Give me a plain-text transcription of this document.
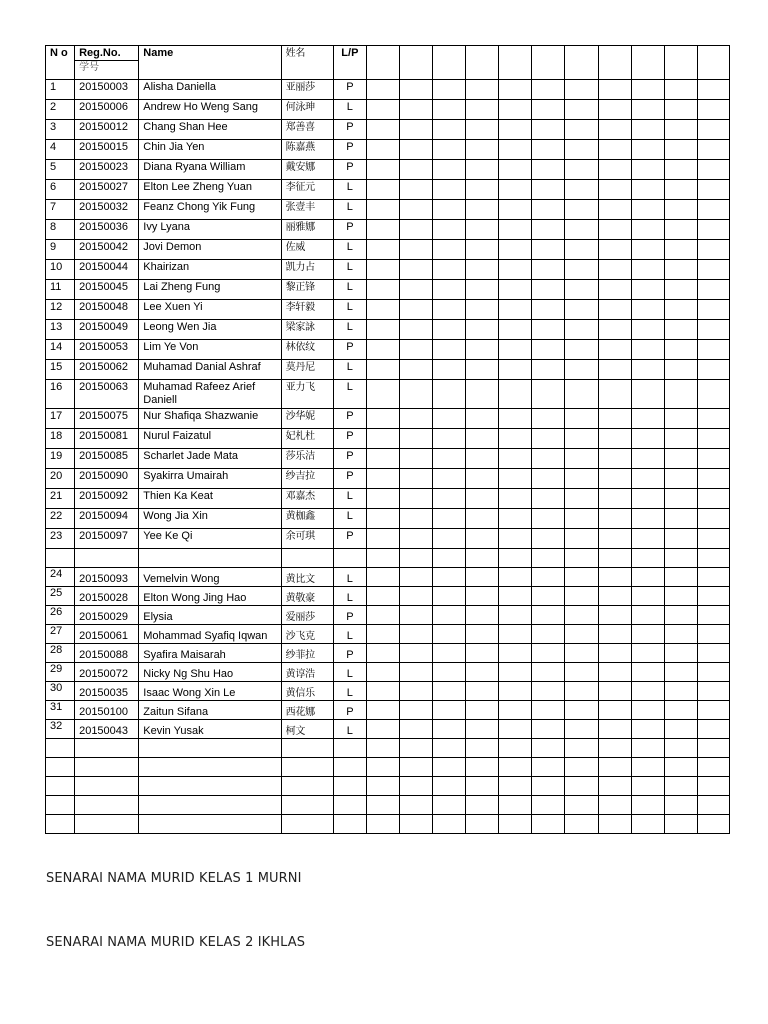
N o	Reg.No.	Name	姓名	L/P											
	学号														
1	20150003	Alisha Daniella	亚丽莎	P											
2	20150006	Andrew Ho Weng Sang	何泳珅	L											
3	20150012	Chang Shan Hee	郑善喜	P											
4	20150015	Chin Jia Yen	陈嘉燕	P											
5	20150023	Diana Ryana William	戴安娜	P											
6	20150027	Elton Lee Zheng Yuan	李征元	L											
7	20150032	Feanz Chong Yik Fung	张壹丰	L											
8	20150036	Ivy Lyana	丽雅娜	P											
9	20150042	Jovi Demon	佐威	L											
10	20150044	Khairizan	凯力占	L											
11	20150045	Lai Zheng Fung	黎正锋	L											
12	20150048	Lee Xuen Yi	李轩毅	L											
13	20150049	Leong Wen Jia	梁家詠	L											
14	20150053	Lim Ye Von	林依纹	P											
15	20150062	Muhamad Danial Ashraf	莫丹尼	L											
16	20150063	Muhamad Rafeez Arief Daniell	亚力飞	L											
17	20150075	Nur Shafiqa Shazwanie	沙华妮	P											
18	20150081	Nurul Faizatul	妃札杜	P											
19	20150085	Scharlet Jade Mata	莎乐洁	P											
20	20150090	Syakirra Umairah	纱吉拉	P											
21	20150092	Thien Ka Keat	邓嘉杰	L											
22	20150094	Wong Jia Xin	黄枷鑫	L											
23	20150097	Yee Ke Qi	余可琪	P											

24	20150093	Vemelvin Wong	黄比文	L											
25	20150028	Elton Wong Jing Hao	黄敬豪	L											
26	20150029	Elysia	爱丽莎	P											
27	20150061	Mohammad Syafiq Iqwan	沙飞克	L											
28	20150088	Syafira Maisarah	纱菲拉	P											
29	20150072	Nicky Ng Shu Hao	黄谆浩	L											
30	20150035	Isaac Wong Xin Le	黄信乐	L											
31	20150100	Zaitun Sifana	西花娜	P											
32	20150043	Kevin Yusak	柯文	L											

SENARAI NAMA MURID KELAS 1 MURNI
SENARAI NAMA MURID KELAS 2 IKHLAS
